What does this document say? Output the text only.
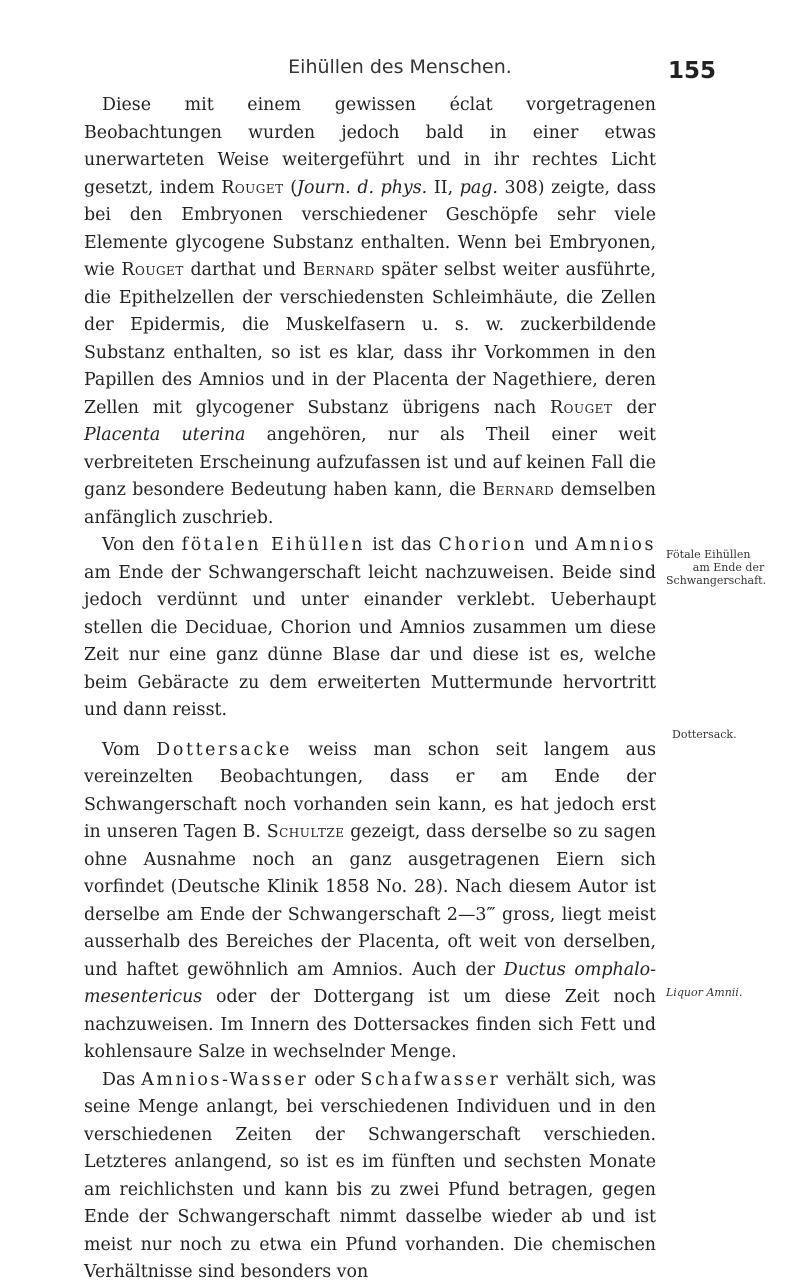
Eihüllen des Menschen.	155

Diese mit einem gewissen éclat vorgetragenen Beobachtungen wurden jedoch bald in einer etwas unerwarteten Weise weitergeführt und in ihr rechtes Licht gesetzt, indem Rouget (Journ. d. phys. II, pag. 308) zeigte, dass bei den Embryonen verschiedener Geschöpfe sehr viele Elemente glycogene Substanz enthalten. Wenn bei Embryonen, wie Rouget darthat und Bernard später selbst weiter ausführte, die Epithelzellen der verschiedensten Schleimhäute, die Zellen der Epidermis, die Muskelfasern u. s. w. zuckerbildende Substanz enthalten, so ist es klar, dass ihr Vorkommen in den Papillen des Amnios und in der Placenta der Nagethiere, deren Zellen mit glycogener Substanz übrigens nach Rouget der Placenta uterina angehören, nur als Theil einer weit verbreiteten Erscheinung aufzufassen ist und auf keinen Fall die ganz besondere Bedeutung haben kann, die Bernard demselben anfänglich zuschrieb.

Von den fötalen Eihüllen ist das Chorion und Amnios am Ende der Schwangerschaft leicht nachzuweisen. Beide sind jedoch verdünnt und unter einander verklebt. Ueberhaupt stellen die Deciduae, Chorion und Amnios zusammen um diese Zeit nur eine ganz dünne Blase dar und diese ist es, welche beim Gebäracte zu dem erweiterten Muttermunde hervortritt und dann reisst.

Vom Dottersacke weiss man schon seit langem aus vereinzelten Beobachtungen, dass er am Ende der Schwangerschaft noch vorhanden sein kann, es hat jedoch erst in unseren Tagen B. Schultze gezeigt, dass derselbe so zu sagen ohne Ausnahme noch an ganz ausgetragenen Eiern sich vorfindet (Deutsche Klinik 1858 No. 28). Nach diesem Autor ist derselbe am Ende der Schwangerschaft 2—3‴ gross, liegt meist ausserhalb des Bereiches der Placenta, oft weit von derselben, und haftet gewöhnlich am Amnios. Auch der Ductus omphalo-mesentericus oder der Dottergang ist um diese Zeit noch nachzuweisen. Im Innern des Dottersackes finden sich Fett und kohlensaure Salze in wechselnder Menge.

Das Amnios-Wasser oder Schafwasser verhält sich, was seine Menge anlangt, bei verschiedenen Individuen und in den verschiedenen Zeiten der Schwangerschaft verschieden. Letzteres anlangend, so ist es im fünften und sechsten Monate am reichlichsten und kann bis zu zwei Pfund betragen, gegen Ende der Schwangerschaft nimmt dasselbe wieder ab und ist meist nur noch zu etwa ein Pfund vorhanden. Die chemischen Verhältnisse sind besonders von

Fötale Eihüllen
am Ende der
Schwangerschaft.
Dottersack.
Liquor Amnii.
